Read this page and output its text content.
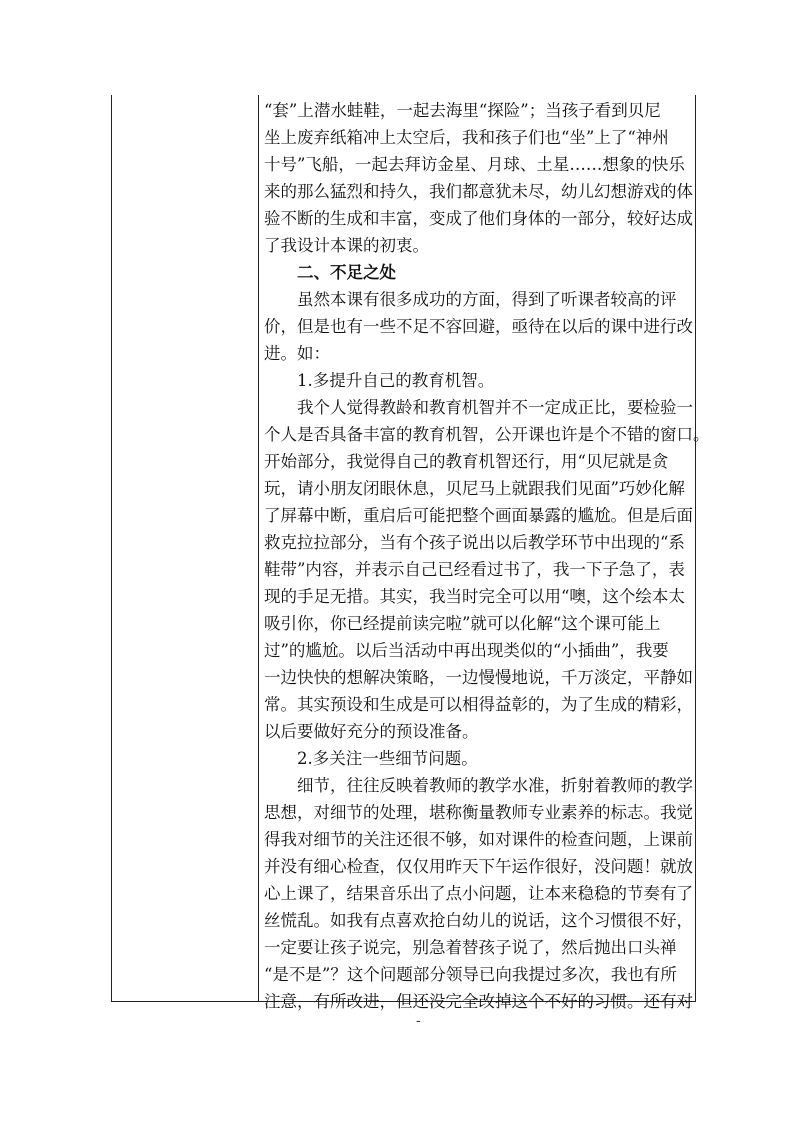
“套”上潜水蛙鞋，一起去海里“探险”；当孩子看到贝尼
坐上废弃纸箱冲上太空后，我和孩子们也“坐”上了“神州
十号”飞船，一起去拜访金星、月球、土星……想象的快乐
来的那么猛烈和持久，我们都意犹未尽，幼儿幻想游戏的体
验不断的生成和丰富，变成了他们身体的一部分，较好达成
了我设计本课的初衷。
　　二、不足之处
　　虽然本课有很多成功的方面，得到了听课者较高的评
价，但是也有一些不足不容回避，亟待在以后的课中进行改
进。如：
　　1.多提升自己的教育机智。
　　我个人觉得教龄和教育机智并不一定成正比，要检验一
个人是否具备丰富的教育机智，公开课也许是个不错的窗口。
开始部分，我觉得自己的教育机智还行，用“贝尼就是贪
玩，请小朋友闭眼休息，贝尼马上就跟我们见面”巧妙化解
了屏幕中断，重启后可能把整个画面暴露的尴尬。但是后面
救克拉拉部分，当有个孩子说出以后教学环节中出现的“系
鞋带”内容，并表示自己已经看过书了，我一下子急了，表
现的手足无措。其实，我当时完全可以用“噢，这个绘本太
吸引你，你已经提前读完啦”就可以化解“这个课可能上
过”的尴尬。以后当活动中再出现类似的“小插曲”，我要
一边快快的想解决策略，一边慢慢地说，千万淡定，平静如
常。其实预设和生成是可以相得益彰的，为了生成的精彩，
以后要做好充分的预设准备。
　　2.多关注一些细节问题。
　　细节，往往反映着教师的教学水准，折射着教师的教学
思想，对细节的处理，堪称衡量教师专业素养的标志。我觉
得我对细节的关注还很不够，如对课件的检查问题，上课前
并没有细心检查，仅仅用昨天下午运作很好，没问题！就放
心上课了，结果音乐出了点小问题，让本来稳稳的节奏有了
丝慌乱。如我有点喜欢抢白幼儿的说话，这个习惯很不好，
一定要让孩子说完，别急着替孩子说了，然后抛出口头禅
“是不是”？这个问题部分领导已向我提过多次，我也有所
注意，有所改进，但还没完全改掉这个不好的习惯。还有对
-
